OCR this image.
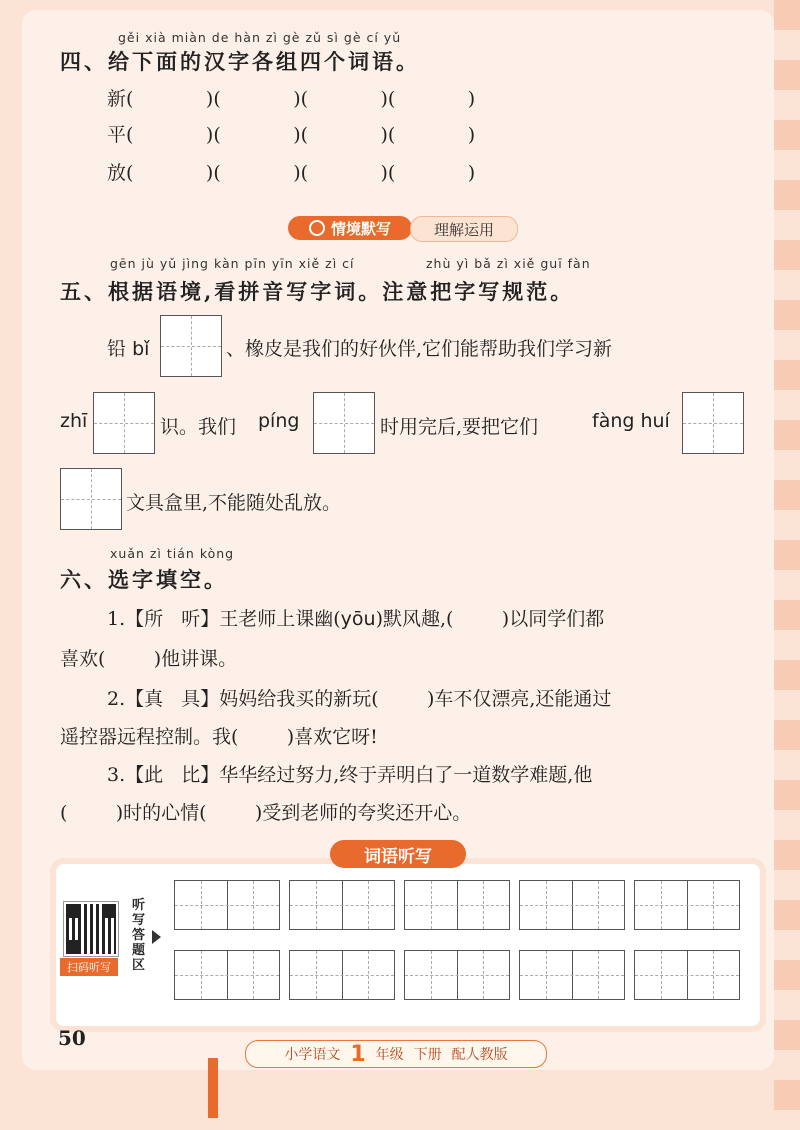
gěi xià miàn de hàn zì gè zǔ sì gè cí yǔ
四、给下面的汉字各组四个词语。
新(            )(            )(            )(            )
平(            )(            )(            )(            )
放(            )(            )(            )(            )
情境默写	理解运用
gēn jù yǔ jìng kàn pīn yīn xiě zì cí	zhù yì bǎ zì xiě guī fàn
五、根据语境,看拼音写字词。注意把字写规范。
铅 bǐ	、橡皮是我们的好伙伴,它们能帮助我们学习新
zhī	识。我们 píng	时用完后,要把它们	fàng huí
文具盒里,不能随处乱放。
xuǎn zì tián kòng
六、选字填空。
1.【所   听】王老师上课幽(yōu)默风趣,(        )以同学们都
喜欢(        )他讲课。
2.【真   具】妈妈给我买的新玩(        )车不仅漂亮,还能通过
遥控器远程控制。我(        )喜欢它呀!
3.【此   比】华华经过努力,终于弄明白了一道数学难题,他
(        )时的心情(        )受到老师的夸奖还开心。
词语听写
扫码听写
听写答题区
50
小学语文 1 年级 下册 配人教版
